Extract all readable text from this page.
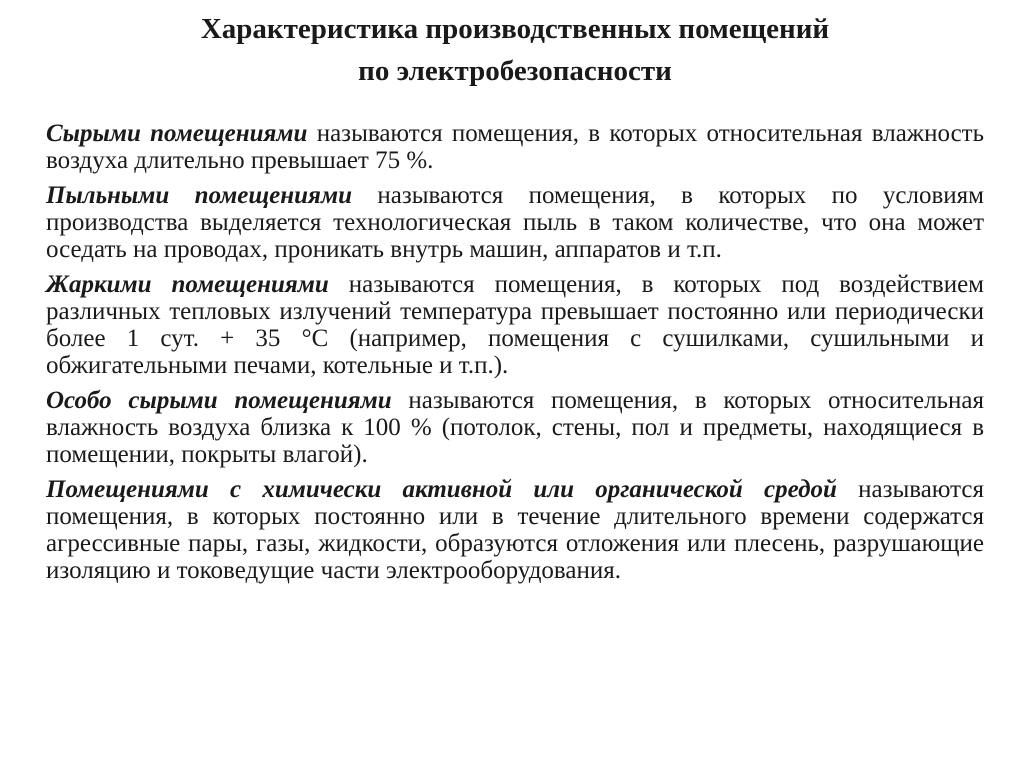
Характеристика производственных помещений
по электробезопасности

Сырыми помещениями называются помещения, в которых относительная влажность воздуха длительно превышает 75 %.

Пыльными помещениями называются помещения, в которых по условиям производства выделяется технологическая пыль в таком количестве, что она может оседать на проводах, проникать внутрь машин, аппаратов и т.п.

Жаркими помещениями называются помещения, в которых под воздействием различных тепловых излучений температура превышает постоянно или периодически более 1 сут. + 35 °С (например, помещения с сушилками, сушильными и обжигательными печами, котельные и т.п.).

Особо сырыми помещениями называются помещения, в которых относительная влажность воздуха близка к 100 % (потолок, стены, пол и предметы, находящиеся в помещении, покрыты влагой).

Помещениями с химически активной или органической средой называются помещения, в которых постоянно или в течение длительного времени содержатся агрессивные пары, газы, жидкости, образуются отложения или плесень, разрушающие изоляцию и токоведущие части электрооборудования.
